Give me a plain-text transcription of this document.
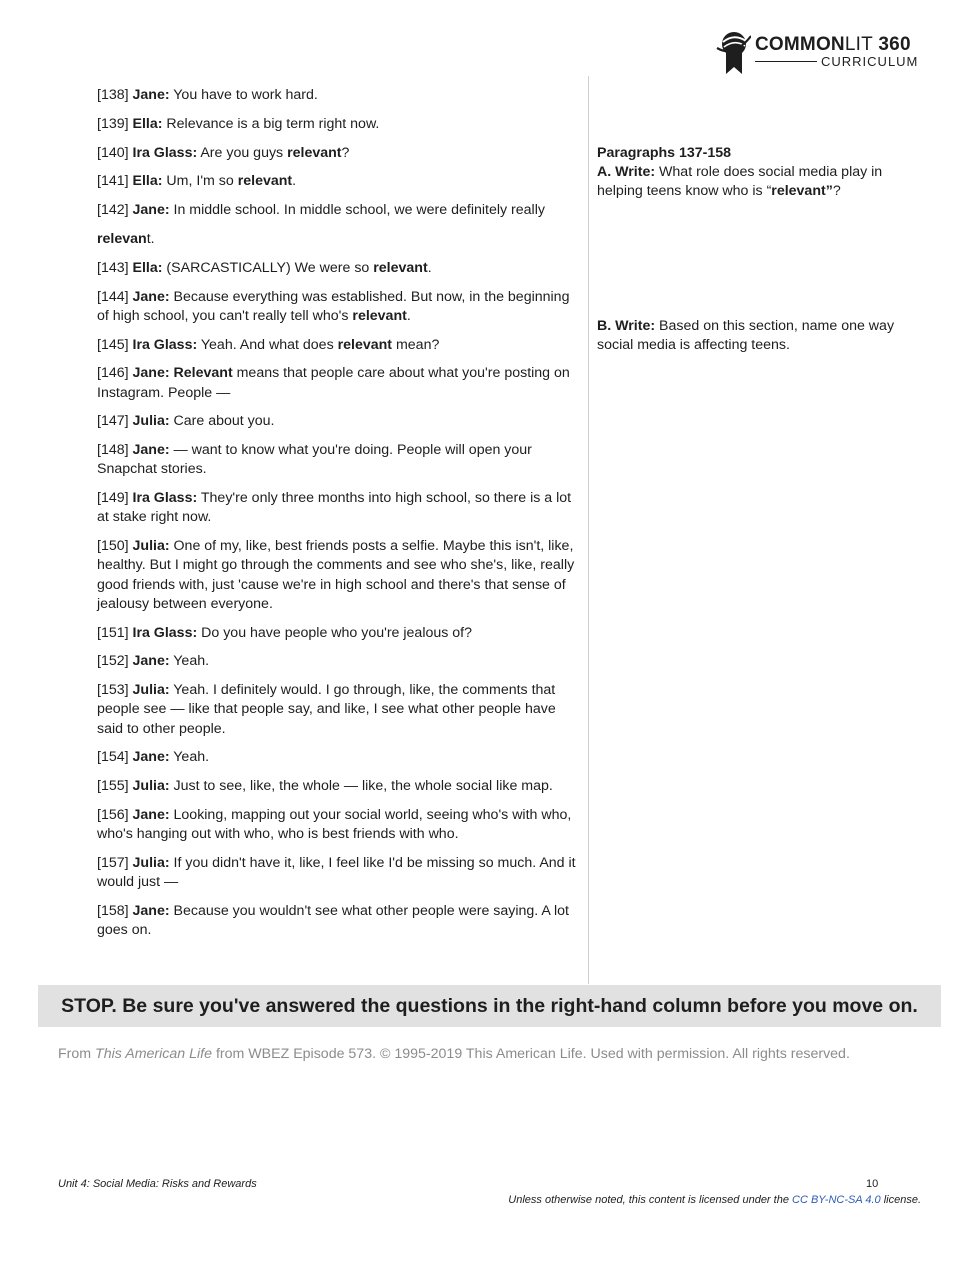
COMMONLIT 360
CURRICULUM
[138] Jane: You have to work hard.
[139] Ella: Relevance is a big term right now.
[140] Ira Glass: Are you guys relevant?
[141] Ella: Um, I'm so relevant.
[142] Jane: In middle school. In middle school, we were definitely really
relevant.
[143] Ella: (SARCASTICALLY) We were so relevant.
[144] Jane: Because everything was established. But now, in the beginning of high school, you can't really tell who's relevant.
[145] Ira Glass: Yeah. And what does relevant mean?
[146] Jane: Relevant means that people care about what you're posting on Instagram. People —
[147] Julia: Care about you.
[148] Jane: — want to know what you're doing. People will open your Snapchat stories.
[149] Ira Glass: They're only three months into high school, so there is a lot at stake right now.
[150] Julia: One of my, like, best friends posts a selfie. Maybe this isn't, like, healthy. But I might go through the comments and see who she's, like, really good friends with, just 'cause we're in high school and there's that sense of jealousy between everyone.
[151] Ira Glass: Do you have people who you're jealous of?
[152] Jane: Yeah.
[153] Julia: Yeah. I definitely would. I go through, like, the comments that people see — like that people say, and like, I see what other people have said to other people.
[154] Jane: Yeah.
[155] Julia: Just to see, like, the whole — like, the whole social like map.
[156] Jane: Looking, mapping out your social world, seeing who's with who, who's hanging out with who, who is best friends with who.
[157] Julia: If you didn't have it, like, I feel like I'd be missing so much. And it would just —
[158] Jane: Because you wouldn't see what other people were saying. A lot goes on.
Paragraphs 137-158
A. Write: What role does social media play in helping teens know who is “relevant”?
B. Write: Based on this section, name one way social media is affecting teens.
STOP. Be sure you've answered the questions in the right-hand column before you move on.
From This American Life from WBEZ Episode 573. © 1995-2019 This American Life. Used with permission. All rights reserved.
Unit 4: Social Media: Risks and Rewards	10
Unless otherwise noted, this content is licensed under the CC BY-NC-SA 4.0 license.
